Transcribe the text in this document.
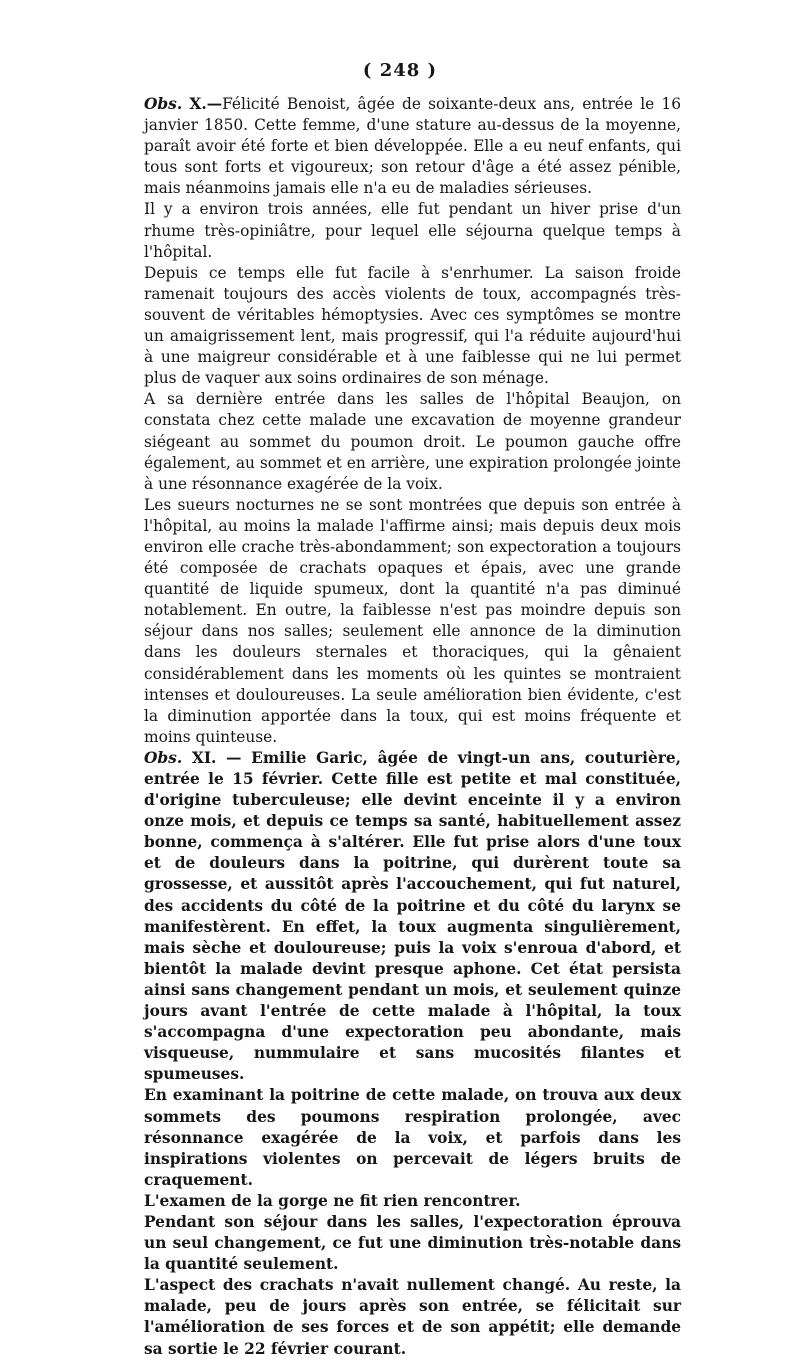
( 248 )

Obs. X.—Félicité Benoist, âgée de soixante-deux ans, entrée le 16 janvier 1850. Cette femme, d'une stature au-dessus de la moyenne, paraît avoir été forte et bien développée. Elle a eu neuf enfants, qui tous sont forts et vigoureux; son retour d'âge a été assez pénible, mais néanmoins jamais elle n'a eu de maladies sérieuses.

Il y a environ trois années, elle fut pendant un hiver prise d'un rhume très-opiniâtre, pour lequel elle séjourna quelque temps à l'hôpital.

Depuis ce temps elle fut facile à s'enrhumer. La saison froide ramenait toujours des accès violents de toux, accompagnés très-souvent de véritables hémoptysies. Avec ces symptômes se montre un amaigrissement lent, mais progressif, qui l'a réduite aujourd'hui à une maigreur considérable et à une faiblesse qui ne lui permet plus de vaquer aux soins ordinaires de son ménage.

A sa dernière entrée dans les salles de l'hôpital Beaujon, on constata chez cette malade une excavation de moyenne grandeur siégeant au sommet du poumon droit. Le poumon gauche offre également, au sommet et en arrière, une expiration prolongée jointe à une résonnance exagérée de la voix.

Les sueurs nocturnes ne se sont montrées que depuis son entrée à l'hôpital, au moins la malade l'affirme ainsi; mais depuis deux mois environ elle crache très-abondamment; son expectoration a toujours été composée de crachats opaques et épais, avec une grande quantité de liquide spumeux, dont la quantité n'a pas diminué notablement. En outre, la faiblesse n'est pas moindre depuis son séjour dans nos salles; seulement elle annonce de la diminution dans les douleurs sternales et thoraciques, qui la gênaient considérablement dans les moments où les quintes se montraient intenses et douloureuses. La seule amélioration bien évidente, c'est la diminution apportée dans la toux, qui est moins fréquente et moins quinteuse.

Obs. XI. — Emilie Garic, âgée de vingt-un ans, couturière, entrée le 15 février. Cette fille est petite et mal constituée, d'origine tuberculeuse; elle devint enceinte il y a environ onze mois, et depuis ce temps sa santé, habituellement assez bonne, commença à s'altérer. Elle fut prise alors d'une toux et de douleurs dans la poitrine, qui durèrent toute sa grossesse, et aussitôt après l'accouchement, qui fut naturel, des accidents du côté de la poitrine et du côté du larynx se manifestèrent. En effet, la toux augmenta singulièrement, mais sèche et douloureuse; puis la voix s'enroua d'abord, et bientôt la malade devint presque aphone. Cet état persista ainsi sans changement pendant un mois, et seulement quinze jours avant l'entrée de cette malade à l'hôpital, la toux s'accompagna d'une expectoration peu abondante, mais visqueuse, nummulaire et sans mucosités filantes et spumeuses.

En examinant la poitrine de cette malade, on trouva aux deux sommets des poumons respiration prolongée, avec résonnance exagérée de la voix, et parfois dans les inspirations violentes on percevait de légers bruits de craquement.

L'examen de la gorge ne fit rien rencontrer.

Pendant son séjour dans les salles, l'expectoration éprouva un seul changement, ce fut une diminution très-notable dans la quantité seulement.

L'aspect des crachats n'avait nullement changé. Au reste, la malade, peu de jours après son entrée, se félicitait sur l'amélioration de ses forces et de son appétit; elle demande sa sortie le 22 février courant.
